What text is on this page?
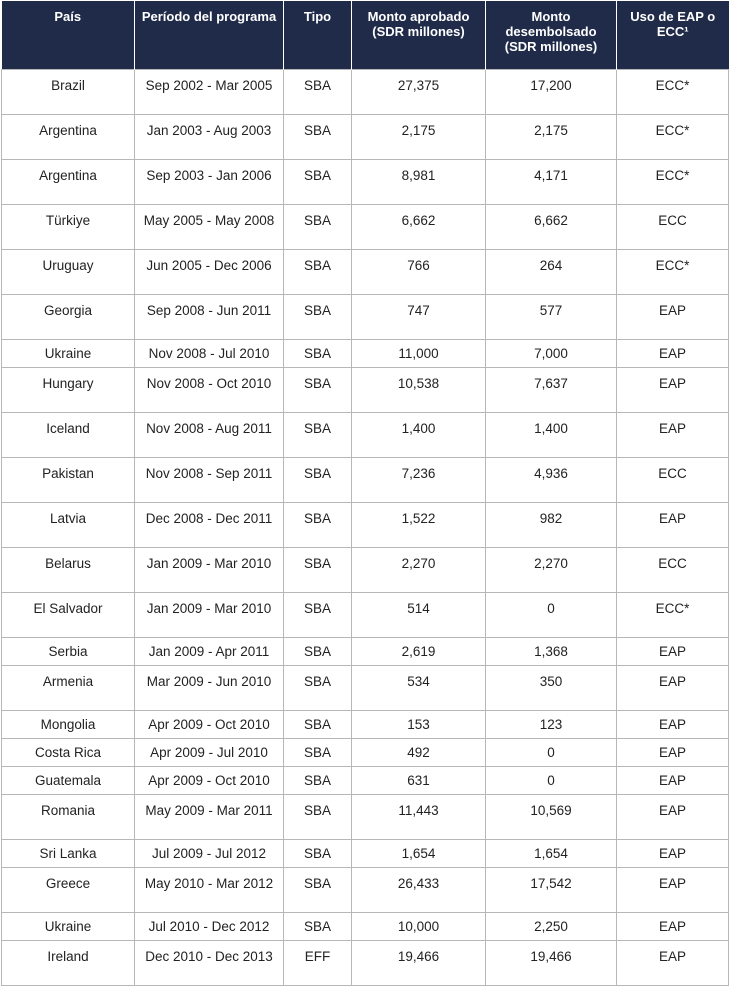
País	Período del programa	Tipo	Monto aprobado (SDR millones)	Monto desembolsado (SDR millones)	Uso de EAP o ECC¹
Brazil	Sep 2002 - Mar 2005	SBA	27,375	17,200	ECC*
Argentina	Jan 2003 - Aug 2003	SBA	2,175	2,175	ECC*
Argentina	Sep 2003 - Jan 2006	SBA	8,981	4,171	ECC*
Türkiye	May 2005 - May 2008	SBA	6,662	6,662	ECC
Uruguay	Jun 2005 - Dec 2006	SBA	766	264	ECC*
Georgia	Sep 2008 - Jun 2011	SBA	747	577	EAP
Ukraine	Nov 2008 - Jul 2010	SBA	11,000	7,000	EAP
Hungary	Nov 2008 - Oct 2010	SBA	10,538	7,637	EAP
Iceland	Nov 2008 - Aug 2011	SBA	1,400	1,400	EAP
Pakistan	Nov 2008 - Sep 2011	SBA	7,236	4,936	ECC
Latvia	Dec 2008 - Dec 2011	SBA	1,522	982	EAP
Belarus	Jan 2009 - Mar 2010	SBA	2,270	2,270	ECC
El Salvador	Jan 2009 - Mar 2010	SBA	514	0	ECC*
Serbia	Jan 2009 - Apr 2011	SBA	2,619	1,368	EAP
Armenia	Mar 2009 - Jun 2010	SBA	534	350	EAP
Mongolia	Apr 2009 - Oct 2010	SBA	153	123	EAP
Costa Rica	Apr 2009 - Jul 2010	SBA	492	0	EAP
Guatemala	Apr 2009 - Oct 2010	SBA	631	0	EAP
Romania	May 2009 - Mar 2011	SBA	11,443	10,569	EAP
Sri Lanka	Jul 2009 - Jul 2012	SBA	1,654	1,654	EAP
Greece	May 2010 - Mar 2012	SBA	26,433	17,542	EAP
Ukraine	Jul 2010 - Dec 2012	SBA	10,000	2,250	EAP
Ireland	Dec 2010 - Dec 2013	EFF	19,466	19,466	EAP
